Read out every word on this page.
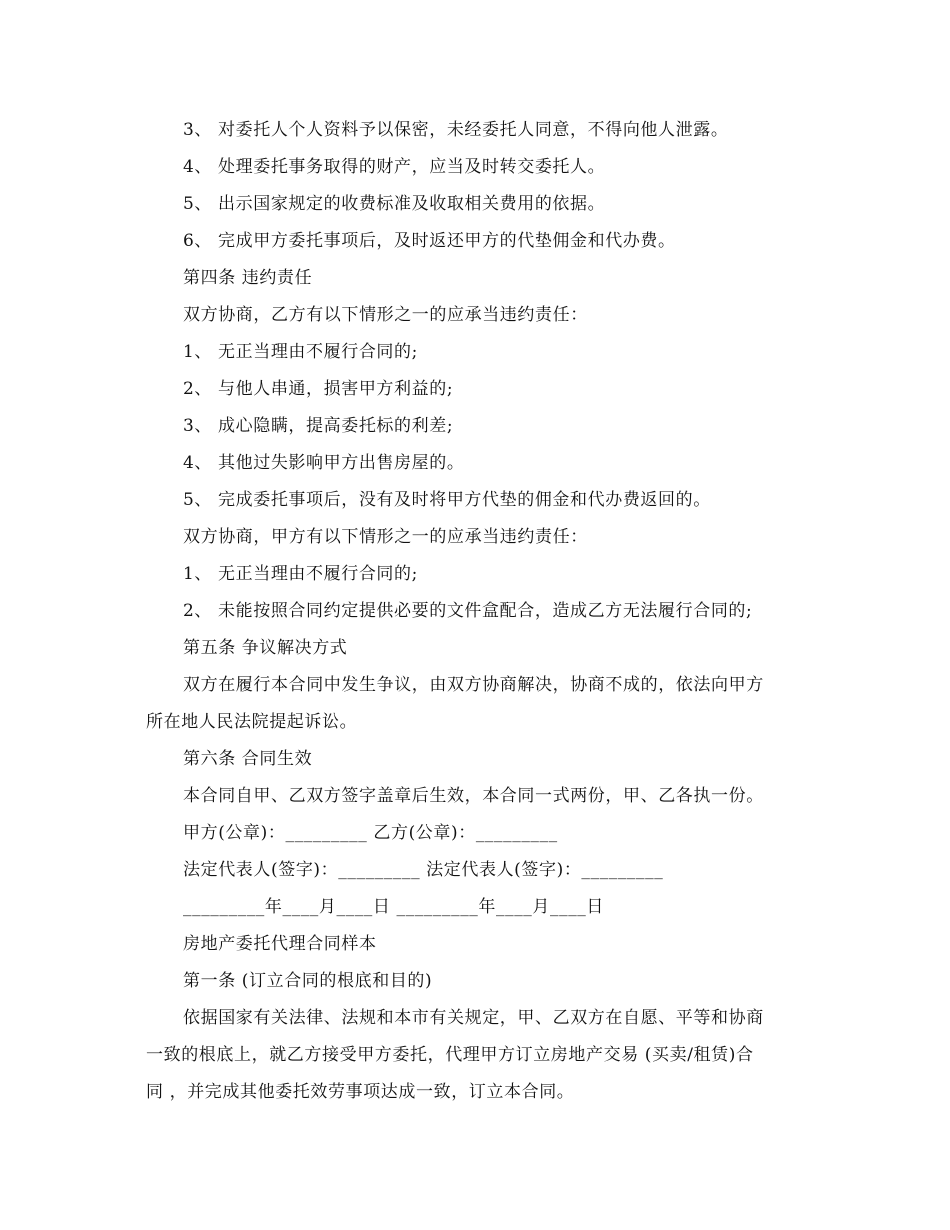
3、 对委托人个人资料予以保密，未经委托人同意，不得向他人泄露。
4、 处理委托事务取得的财产，应当及时转交委托人。
5、 出示国家规定的收费标准及收取相关费用的依据。
6、 完成甲方委托事项后，及时返还甲方的代垫佣金和代办费。
第四条 违约责任
双方协商，乙方有以下情形之一的应承当违约责任：
1、 无正当理由不履行合同的;
2、 与他人串通，损害甲方利益的;
3、 成心隐瞒，提高委托标的利差;
4、 其他过失影响甲方出售房屋的。
5、 完成委托事项后，没有及时将甲方代垫的佣金和代办费返回的。
双方协商，甲方有以下情形之一的应承当违约责任：
1、 无正当理由不履行合同的;
2、 未能按照合同约定提供必要的文件盒配合，造成乙方无法履行合同的;
第五条 争议解决方式
双方在履行本合同中发生争议，由双方协商解决，协商不成的，依法向甲方
所在地人民法院提起诉讼。
第六条 合同生效
本合同自甲、乙双方签字盖章后生效，本合同一式两份，甲、乙各执一份。
甲方(公章)：_________ 乙方(公章)：_________
法定代表人(签字)：_________ 法定代表人(签字)：_________
_________年____月____日 _________年____月____日
房地产委托代理合同样本
第一条 (订立合同的根底和目的)
依据国家有关法律、法规和本市有关规定，甲、乙双方在自愿、平等和协商
一致的根底上，就乙方接受甲方委托，代理甲方订立房地产交易 (买卖/租赁)合
同 ，并完成其他委托效劳事项达成一致，订立本合同。
